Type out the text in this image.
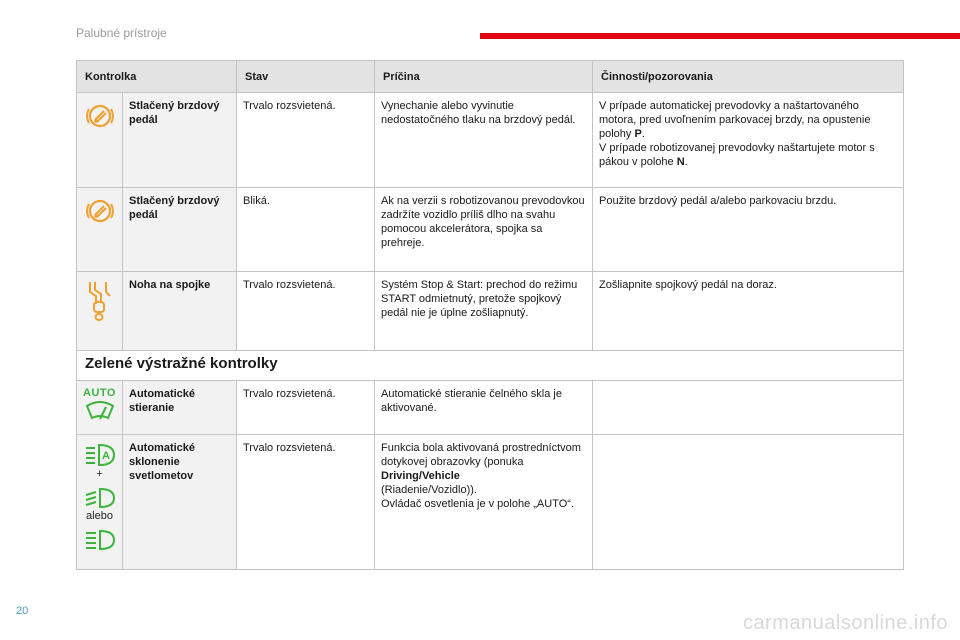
Palubné prístroje
Kontrolka		Stav	Príčina	Činnosti/pozorovania

	Stlačený brzdový pedál	Trvalo rozsvietená.	Vynechanie alebo vyvinutie nedostatočného tlaku na brzdový pedál.	V prípade automatickej prevodovky a naštartovaného motora, pred uvoľnením parkovacej brzdy, na opustenie polohy P.
V prípade robotizovanej prevodovky naštartujete motor s pákou v polohe N.

	Stlačený brzdový pedál	Bliká.	Ak na verzii s robotizovanou prevodovkou zadržíte vozidlo príliš dlho na svahu pomocou akcelerátora, spojka sa prehreje.	Použite brzdový pedál a/alebo parkovaciu brzdu.

	Noha na spojke	Trvalo rozsvietená.	Systém Stop & Start: prechod do režimu START odmietnutý, pretože spojkový pedál nie je úplne zošliapnutý.	Zošliapnite spojkový pedál na doraz.
Zelené výstražné kontrolky				

AUTO	Automatické stieranie	Trvalo rozsvietená.	Automatické stieranie čelného skla je aktivované.	

A
+
alebo	Automatické sklonenie svetlometov	Trvalo rozsvietená.	Funkcia bola aktivovaná prostredníctvom dotykovej obrazovky (ponuka Driving/Vehicle
(Riadenie/Vozidlo)).
Ovládač osvetlenia je v polohe „AUTO“.	
20
carmanualsonline.info
